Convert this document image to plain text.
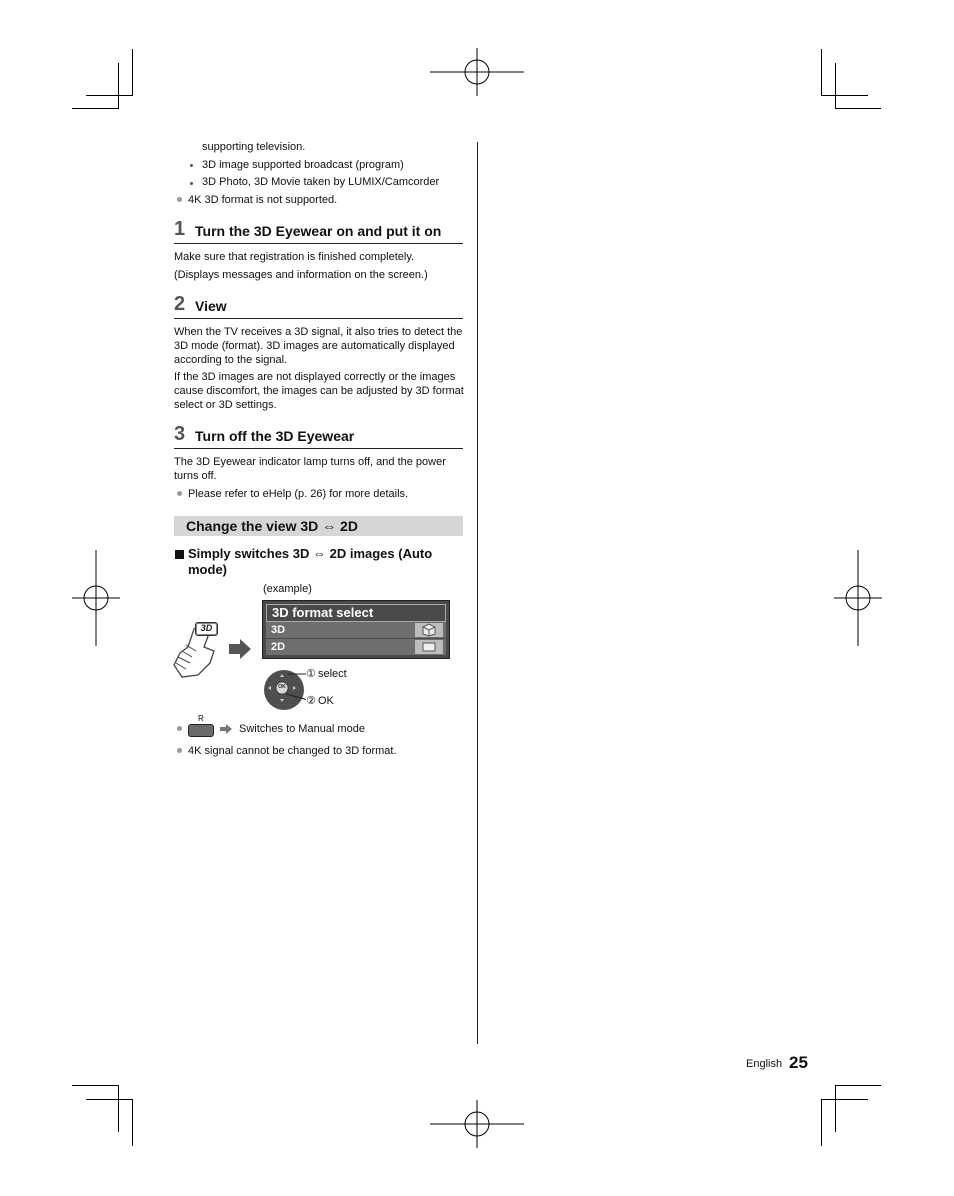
supporting television.
3D image supported broadcast (program)
3D Photo, 3D Movie taken by LUMIX/Camcorder
4K 3D format is not supported.
1 Turn the 3D Eyewear on and put it on
Make sure that registration is finished completely.
(Displays messages and information on the screen.)
2 View
When the TV receives a 3D signal, it also tries to detect the 3D mode (format). 3D images are automatically displayed according to the signal.
If the 3D images are not displayed correctly or the images cause discomfort, the images can be adjusted by 3D format select or 3D settings.
3 Turn off the 3D Eyewear
The 3D Eyewear indicator lamp turns off, and the power turns off.
Please refer to eHelp (p. 26) for more details.
Change the view 3D ⇔ 2D
Simply switches 3D ⇔ 2D images (Auto mode)
(example)
3D
3D format select
3D
2D
OK
① select
② OK
R
Switches to Manual mode
4K signal cannot be changed to 3D format.
English 25
